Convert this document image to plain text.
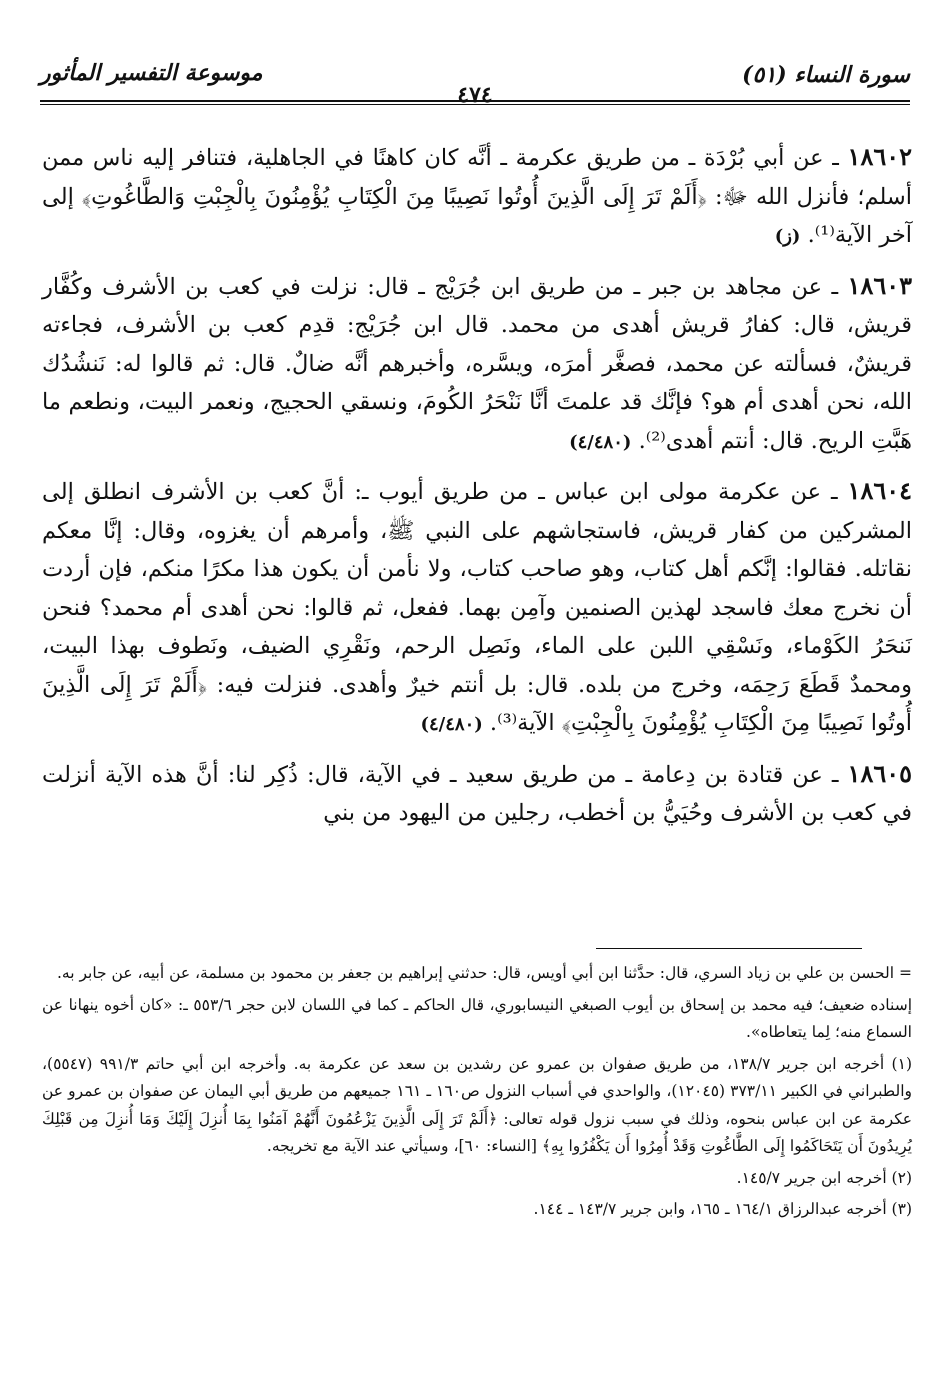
سورة النساء (٥١)
٤٧٤
موسوعة التفسير المأثور

١٨٦٠٢ ـ عن أبي بُرْدَة ـ من طريق عكرمة ـ أنَّه كان كاهنًا في الجاهلية، فتنافر إليه ناس ممن أسلم؛ فأنزل الله ﷻ: ﴿أَلَمْ تَرَ إِلَى الَّذِينَ أُوتُوا نَصِيبًا مِنَ الْكِتَابِ يُؤْمِنُونَ بِالْجِبْتِ وَالطَّاغُوتِ﴾ إلى آخر الآية⁽¹⁾. (ز)

١٨٦٠٣ ـ عن مجاهد بن جبر ـ من طريق ابن جُرَيْج ـ قال: نزلت في كعب بن الأشرف وكُفَّار قريش، قال: كفارُ قريش أهدى من محمد. قال ابن جُرَيْج: قدِم كعب بن الأشرف، فجاءته قريشٌ، فسألته عن محمد، فصغَّر أمرَه، ويسَّره، وأخبرهم أنَّه ضالٌ. قال: ثم قالوا له: نَنشُدُك الله، نحن أهدى أم هو؟ فإنَّك قد علمتَ أنَّا نَنْحَرُ الكُومَ، ونسقي الحجيج، ونعمر البيت، ونطعم ما هَبَّتِ الريح. قال: أنتم أهدى⁽²⁾. (٤/٤٨٠)

١٨٦٠٤ ـ عن عكرمة مولى ابن عباس ـ من طريق أيوب ـ: أنَّ كعب بن الأشرف انطلق إلى المشركين من كفار قريش، فاستجاشهم على النبي ﷺ، وأمرهم أن يغزوه، وقال: إنَّا معكم نقاتله. فقالوا: إنَّكم أهل كتاب، وهو صاحب كتاب، ولا نأمن أن يكون هذا مكرًا منكم، فإن أردت أن نخرج معك فاسجد لهذين الصنمين وآمِن بهما. ففعل، ثم قالوا: نحن أهدى أم محمد؟ فنحن نَنحَرُ الكَوْماء، ونَسْقِي اللبن على الماء، ونَصِل الرحم، ونَقْرِي الضيف، ونَطوف بهذا البيت، ومحمدٌ قَطَعَ رَحِمَه، وخرج من بلده. قال: بل أنتم خيرٌ وأهدى. فنزلت فيه: ﴿أَلَمْ تَرَ إِلَى الَّذِينَ أُوتُوا نَصِيبًا مِنَ الْكِتَابِ يُؤْمِنُونَ بِالْجِبْتِ﴾ الآية⁽³⁾. (٤/٤٨٠)

١٨٦٠٥ ـ عن قتادة بن دِعامة ـ من طريق سعيد ـ في الآية، قال: ذُكِر لنا: أنَّ هذه الآية أنزلت في كعب بن الأشرف وحُيَيُّ بن أخطب، رجلين من اليهود من بني

= الحسن بن علي بن زياد السري، قال: حدَّثنا ابن أبي أويس، قال: حدثني إبراهيم بن جعفر بن محمود بن مسلمة، عن أبيه، عن جابر به.

إسناده ضعيف؛ فيه محمد بن إسحاق بن أيوب الصبغي النيسابوري، قال الحاكم ـ كما في اللسان لابن حجر ٥٥٣/٦ ـ: «كان أخوه ينهانا عن السماع منه؛ لِما يتعاطاه».

(١) أخرجه ابن جرير ١٣٨/٧، من طريق صفوان بن عمرو عن رشدين بن سعد عن عكرمة به. وأخرجه ابن أبي حاتم ٩٩١/٣ (٥٥٤٧)، والطبراني في الكبير ٣٧٣/١١ (١٢٠٤٥)، والواحدي في أسباب النزول ص١٦٠ ـ ١٦١ جميعهم من طريق أبي اليمان عن صفوان بن عمرو عن عكرمة عن ابن عباس بنحوه، وذلك في سبب نزول قوله تعالى: ﴿أَلَمْ تَرَ إِلَى الَّذِينَ يَزْعُمُونَ أَنَّهُمْ آمَنُوا بِمَا أُنزِلَ إِلَيْكَ وَمَا أُنزِلَ مِن قَبْلِكَ يُرِيدُونَ أَن يَتَحَاكَمُوا إِلَى الطَّاغُوتِ وَقَدْ أُمِرُوا أَن يَكْفُرُوا بِهِ﴾ [النساء: ٦٠]، وسيأتي عند الآية مع تخريجه.

(٢) أخرجه ابن جرير ١٤٥/٧.

(٣) أخرجه عبدالرزاق ١٦٤/١ ـ ١٦٥، وابن جرير ١٤٣/٧ ـ ١٤٤.
